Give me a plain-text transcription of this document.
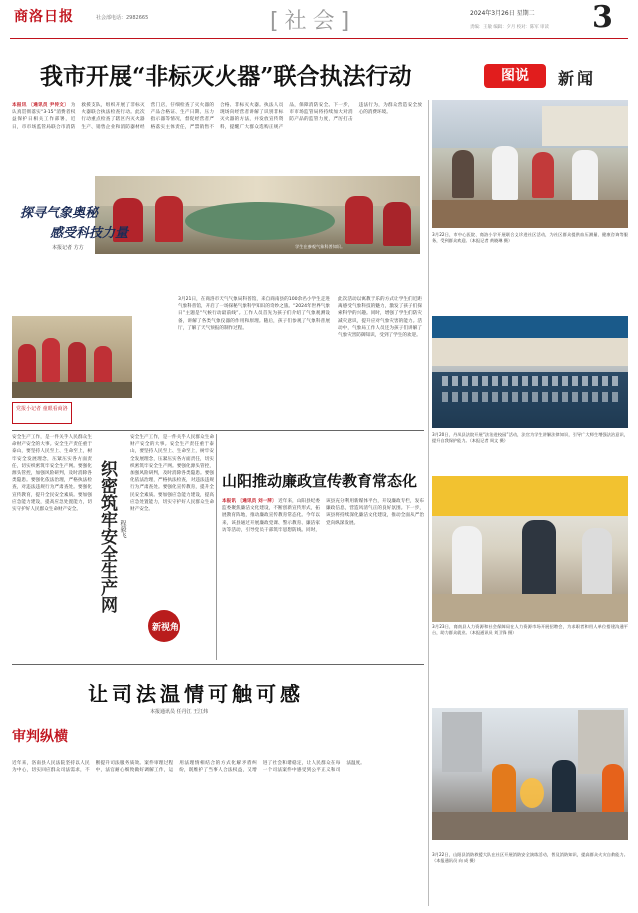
商洛日报	社会部电话：2982665	[社会]	2024年3月26日 星期二
责编：王敏 编辑：夕月 校对：陈军 审读 3
我市开展“非标灭火器”联合执法行动
本报讯 〔通讯员 尹传文〕 为认真贯彻落实“3·15”消费者权益保护日相关工作部署，近日，市市场监管局联合市消防救援支队，组织开展了非标灭火器联合执法检查行动。此次行动重点检查了辖区内灭火器生产、销售企业和消防器材经营门店，仔细检查了灭火器的产品合格证、生产日期、压力指示器等情况，督促经营者严格落实主体责任，严禁销售不合格、非标灭火器。执法人员现场向经营者讲解了识别非标灭火器的方法，并发放宣传资料，提醒广大群众选购正规产品，保障消防安全。下一步，市市场监管局将持续加大对消防产品的监管力度，严厉打击违法行为，为群众营造安全放心的消费环境。
图说	新闻
学生在参观气象科普知识。
探寻气象奥秘
感受科技力量
本报记者 方方
党报小记者 童眼看商洛
3月21日，在商洛市天气气象局科普馆，来自商南县的100余名小学生走进气象科普馆，开启了一场探秘气象科学知识的奇妙之旅。“2024年世界气象日”主题是“气候行动最前线”。工作人员首先为孩子们介绍了气象观测设备，讲解了各类气象仪器的作用和原理。随后，孩子们参观了气象科普展厅，了解了天气预报的制作过程。
此次活动以寓教于乐的方式让学生们近距离感受气象科技的魅力，激发了孩子们探索科学的兴趣。同时，增强了学生们防灾减灾意识，提升应对气象灾害的能力。活动中，气象局工作人员还为孩子们讲解了气象灾害防御知识，受到了学生的欢迎。
安全生产工作，是一件关乎人民群众生命财产安全的大事。安全生产责任重于泰山，要坚持人民至上、生命至上，树牢安全发展理念，压紧压实各方面责任，切实织密筑牢安全生产网。要强化源头管控，加强风险研判，及时消除各类隐患。要强化依法治理，严格执法检查，对违法违规行为严肃查处。要强化宣传教育，提升全民安全素质。要加强应急能力建设，提高应急处置能力，切实守护好人民群众生命财产安全。 织密筑牢安全生产网 程毅飞
安全生产工作，是一件关乎人民群众生命财产安全的大事。安全生产责任重于泰山，要坚持人民至上、生命至上，树牢安全发展理念，压紧压实各方面责任，切实织密筑牢安全生产网。要强化源头管控，加强风险研判，及时消除各类隐患。要强化依法治理，严格执法检查，对违法违规行为严肃查处。要强化宣传教育，提升全民安全素质。要加强应急能力建设，提高应急处置能力，切实守护好人民群众生命财产安全。
新视角
山阳推动廉政宣传教育常态化
本报讯 〔通讯员 刘一萍〕 近年来，山阳县纪委监委聚焦廉洁文化建设，不断创新宣传形式，拓展教育阵地，推动廉政宣传教育常态化。今年以来，该县通过开展廉政党课、警示教育、廉洁家访等活动，引导党员干部筑牢思想防线。同时，该县充分利用新媒体平台，开设廉政专栏，发布廉政信息，营造风清气正的良好氛围。下一步，该县将持续深化廉洁文化建设，推动全面从严治党向纵深发展。
让司法温情可触可感
本报通讯员 任丹江 王江炜
审判纵横
近年来，洛南县人民法院坚持以人民为中心，切实回应群众司法需求，不断提升司法服务质效。案件审理过程中，法官耐心细致做好调解工作，运用法理情相结合的方式化解矛盾纠纷，既维护了当事人合法权益，又增进了社会和谐稳定，让人民群众在每一个司法案件中感受到公平正义和司法温度。
3月22日，市中心医院、商洛小学开展联合义诊进社区活动，为社区群众提供血压测量、健康咨询等服务，受到群众欢迎。（本报记者 黄晓琳 摄）
3月20日，丹凤县法院开展“法治进校园”活动，法官为学生讲解法律知识，引导广大师生增强法治意识，提升自我保护能力。（本报记者 周文 摄）
3月23日，商南县人力资源和社会保障局在人力资源市场开展招聘会，为求职者和用人单位搭建沟通平台，助力群众就业。（本报通讯员 刘卫锋 摄）
3月22日，山阳县消防救援大队在社区开展消防安全演练活动，普及消防知识，提高群众火灾自救能力。（本报通讯员 向 成 摄）
